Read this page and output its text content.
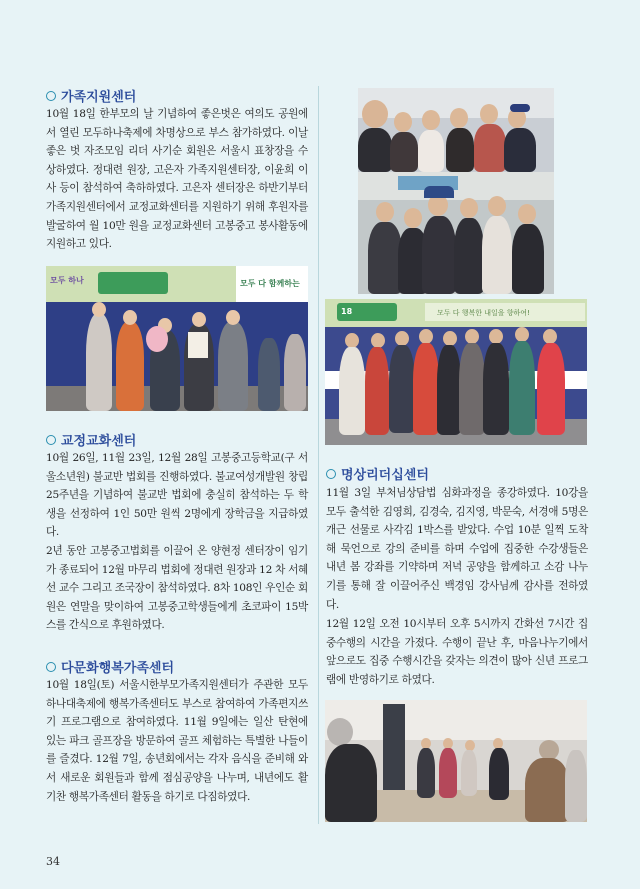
가족지원센터

10월 18일 한부모의 날 기념하여 좋은벗은 여의도 공원에서 열린 모두하나축제에 차명상으로 부스 참가하였다. 이날 좋은 벗 자조모임 리더 사기순 회원은 서울시 표창장을 수상하였다. 정대련 원장, 고은자 가족지원센터장, 이윤희 이사 등이 참석하여 축하하였다. 고은자 센터장은 하반기부터 가족지원센터에서 교정교화센터를 지원하기 위해 후원자를 발굴하여 월 10만 원을 교정교화센터 고봉중고 봉사활동에 지원하고 있다.

모두 하나	모두 다 함께하는
교정교화센터

10월 26일, 11월 23일, 12월 28일 고봉중고등학교(구 서울소년원) 불교반 법회를 진행하였다. 불교여성개발원 창립 25주년을 기념하여 불교반 법회에 충실히 참석하는 두 학생을 선정하여 1인 50만 원씩 2명에게 장학금을 지급하였다.

2년 동안 고봉중고법회를 이끌어 온 양현정 센터장이 임기가 종료되어 12월 마무리 법회에 정대련 원장과 12 차 서혜선 교수 그리고 조국장이 참석하였다. 8차 108인 우인순 회원은 연말을 맞이하여 고봉중고학생들에게 초코파이 15박스를 간식으로 후원하였다.

다문화행복가족센터

10월 18일(토) 서울시한부모가족지원센터가 주관한 모두하나대축제에 행복가족센터도 부스로 참여하여 가족편지쓰기 프로그램으로 참여하였다. 11월 9일에는 일산 탄현에 있는 파크 골프장을 방문하여 골프 체험하는 특별한 나들이를 즐겼다. 12월 7일, 송년회에서는 각자 음식을 준비해 와서 새로운 회원들과 함께 점심공양을 나누며, 내년에도 활기찬 행복가족센터 활동을 하기로 다짐하였다.

18	모두 다 행복한 내일을 향하여!
명상리더십센터

11월 3일 부처님상담법 심화과정을 종강하였다. 10강을 모두 출석한 김영희, 김경숙, 김지영, 박문숙, 서경애 5명은 개근 선물로 사각김 1박스를 받았다. 수업 10분 일찍 도착해 묵언으로 강의 준비를 하며 수업에 집중한 수강생들은 내년 봄 강좌를 기약하며 저녁 공양을 함께하고 소감 나누기를 통해 잘 이끌어주신 백경임 강사님께 감사를 전하였다.

12월 12일 오전 10시부터 오후 5시까지 간화선 7시간 집중수행의 시간을 가졌다. 수행이 끝난 후, 마음나누기에서 앞으로도 집중 수행시간을 갖자는 의견이 많아 신년 프로그램에 반영하기로 하였다.

34
